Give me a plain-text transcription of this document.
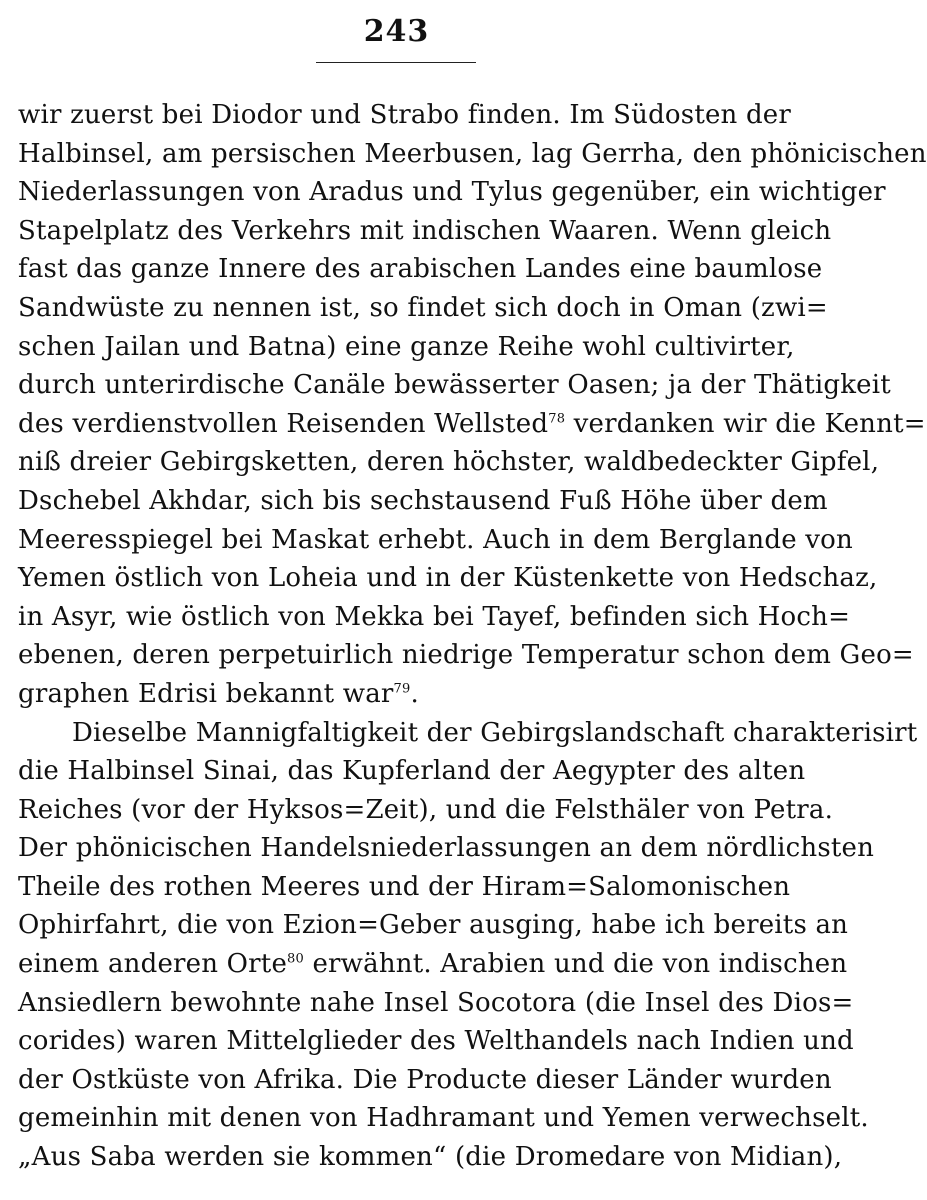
243
wir zuerst bei Diodor und Strabo finden. Im Südosten der
Halbinsel, am persischen Meerbusen, lag Gerrha, den phönicischen
Niederlassungen von Aradus und Tylus gegenüber, ein wichtiger
Stapelplatz des Verkehrs mit indischen Waaren. Wenn gleich
fast das ganze Innere des arabischen Landes eine baumlose
Sandwüste zu nennen ist, so findet sich doch in Oman (zwi=
schen Jailan und Batna) eine ganze Reihe wohl cultivirter,
durch unterirdische Canäle bewässerter Oasen; ja der Thätigkeit
des verdienstvollen Reisenden Wellsted$^{78}$ verdanken wir die Kennt=
niß dreier Gebirgsketten, deren höchster, waldbedeckter Gipfel,
Dschebel Akhdar, sich bis sechstausend Fuß Höhe über dem
Meeresspiegel bei Maskat erhebt. Auch in dem Berglande von
Yemen östlich von Loheia und in der Küstenkette von Hedschaz,
in Asyr, wie östlich von Mekka bei Tayef, befinden sich Hoch=
ebenen, deren perpetuirlich niedrige Temperatur schon dem Geo=
graphen Edrisi bekannt war$^{79}$.
Dieselbe Mannigfaltigkeit der Gebirgslandschaft charakterisirt
die Halbinsel Sinai, das Kupferland der Aegypter des alten
Reiches (vor der Hyksos=Zeit), und die Felsthäler von Petra.
Der phönicischen Handelsniederlassungen an dem nördlichsten
Theile des rothen Meeres und der Hiram=Salomonischen
Ophirfahrt, die von Ezion=Geber ausging, habe ich bereits an
einem anderen Orte$^{80}$ erwähnt. Arabien und die von indischen
Ansiedlern bewohnte nahe Insel Socotora (die Insel des Dios=
corides) waren Mittelglieder des Welthandels nach Indien und
der Ostküste von Afrika. Die Producte dieser Länder wurden
gemeinhin mit denen von Hadhramant und Yemen verwechselt.
„Aus Saba werden sie kommen“ (die Dromedare von Midian),
